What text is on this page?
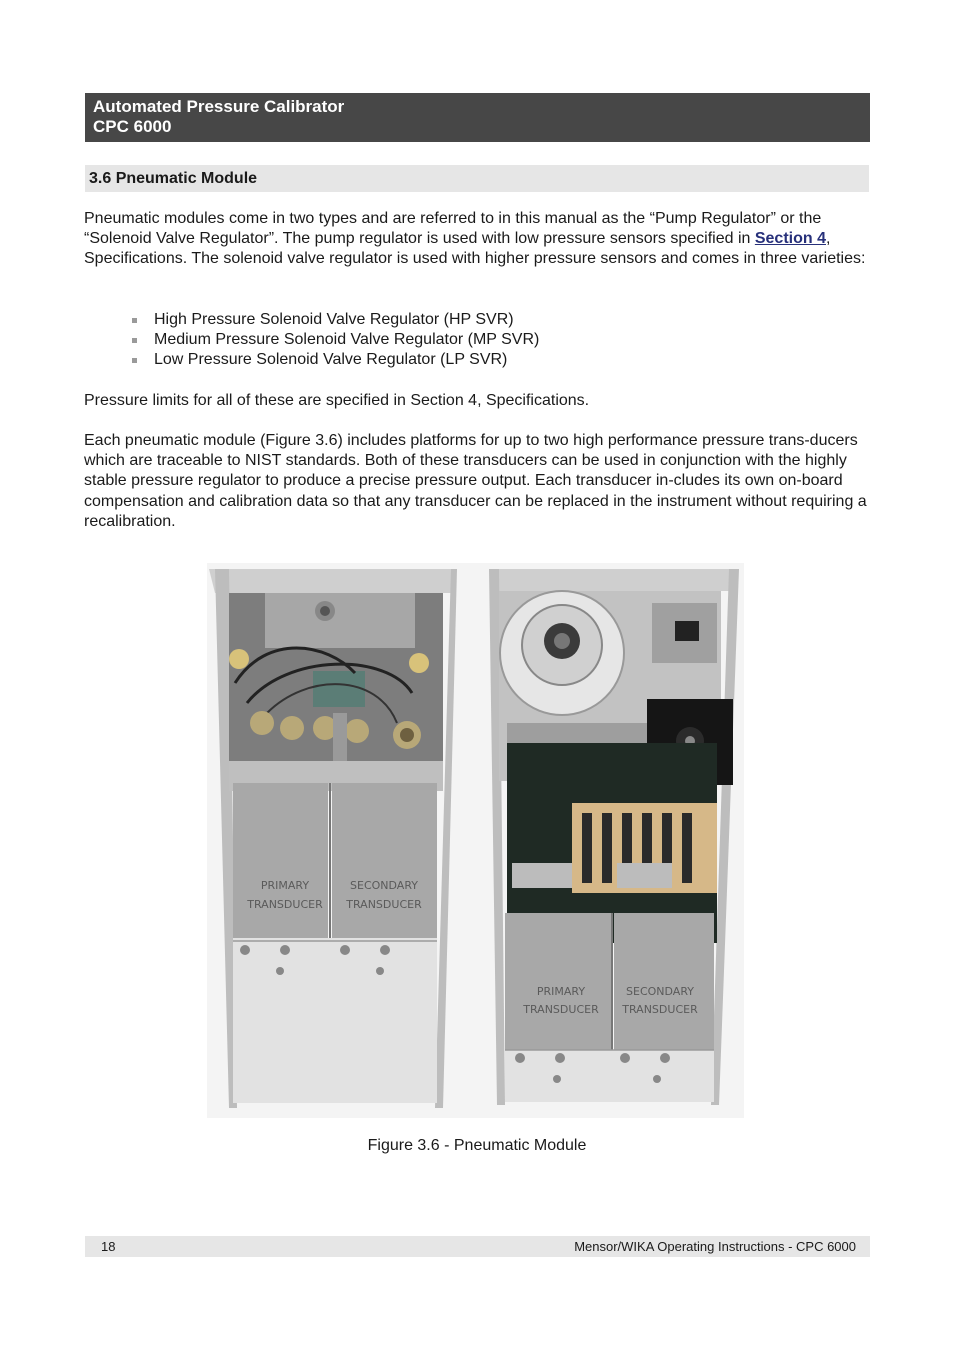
Automated Pressure Calibrator
CPC 6000
3.6 Pneumatic Module
Pneumatic modules come in two types and are referred to in this manual as the “Pump Regulator” or the “Solenoid Valve Regulator”. The pump regulator is used with low pressure sensors specified in Section 4, Specifications. The solenoid valve regulator is used with higher pressure sensors and comes in three varieties:
High Pressure Solenoid Valve Regulator (HP SVR)
Medium Pressure Solenoid Valve Regulator (MP SVR)
Low Pressure Solenoid Valve Regulator (LP SVR)
Pressure limits for all of these are specified in Section 4, Specifications.
Each pneumatic module (Figure 3.6) includes platforms for up to two high performance pressure trans-ducers which are traceable to NIST standards. Both of these transducers can be used in conjunction with the highly stable pressure regulator to produce a precise pressure output. Each transducer in-cludes its own on-board compensation and calibration data so that any transducer can be replaced in the instrument without requiring a recalibration.
PRIMARY
TRANSDUCER
SECONDARY
TRANSDUCER
PRIMARY
TRANSDUCER
SECONDARY
TRANSDUCER
Figure 3.6 - Pneumatic Module
18	Mensor/WIKA Operating Instructions - CPC 6000
